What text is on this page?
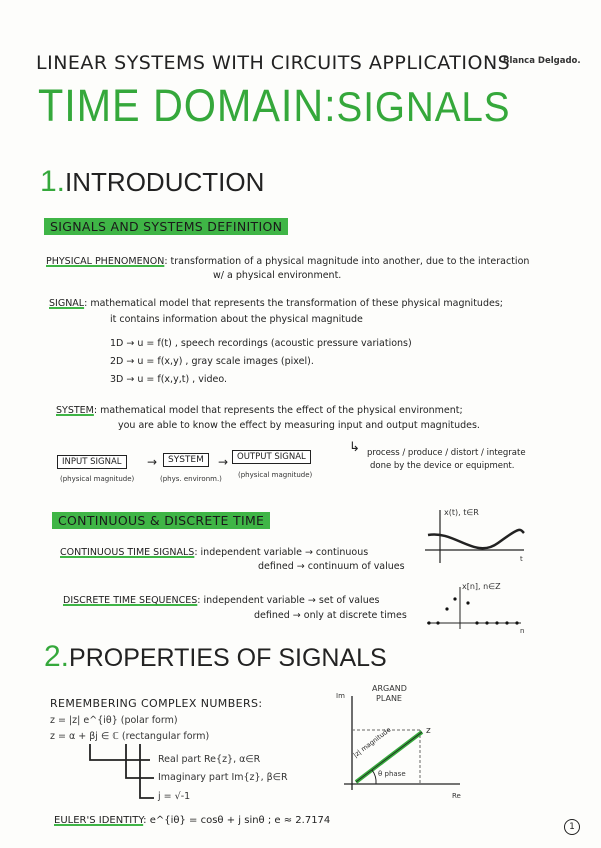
LINEAR SYSTEMS WITH CIRCUITS APPLICATIONS
Blanca Delgado.
TIME DOMAIN:SIGNALS
1.INTRODUCTION
SIGNALS AND SYSTEMS DEFINITION
PHYSICAL PHENOMENON: transformation of a physical magnitude into another, due to the interaction
w/ a physical environment.
SIGNAL: mathematical model that represents the transformation of these physical magnitudes;
it contains information about the physical magnitude
1D → u = f(t) , speech recordings (acoustic pressure variations)
2D → u = f(x,y) , gray scale images (pixel).
3D → u = f(x,y,t) , video.
SYSTEM: mathematical model that represents the effect of the physical environment;
you are able to know the effect by measuring input and output magnitudes.
INPUT SIGNAL	→	SYSTEM	→	OUTPUT SIGNAL
(physical magnitude)	(phys. environm.) (physical magnitude)
↳ process / produce / distort / integrate
done by the device or equipment.
CONTINUOUS & DISCRETE TIME
CONTINUOUS TIME SIGNALS: independent variable → continuous
defined → continuum of values
DISCRETE TIME SEQUENCES: independent variable → set of values
defined → only at discrete times
x(t), t∈R
t
x[n], n∈Z
n
2.PROPERTIES OF SIGNALS
REMEMBERING COMPLEX NUMBERS:
z = |z| e^{iθ} (polar form)
z = α + βj ∈ ℂ (rectangular form)
Real part Re{z}, α∈R
Imaginary part Im{z}, β∈R
j = √-1
ARGAND
PLANE
Im
Re
z
|z| magnitude
θ phase
EULER'S IDENTITY: e^{iθ} = cosθ + j sinθ ; e ≈ 2.7174
1
